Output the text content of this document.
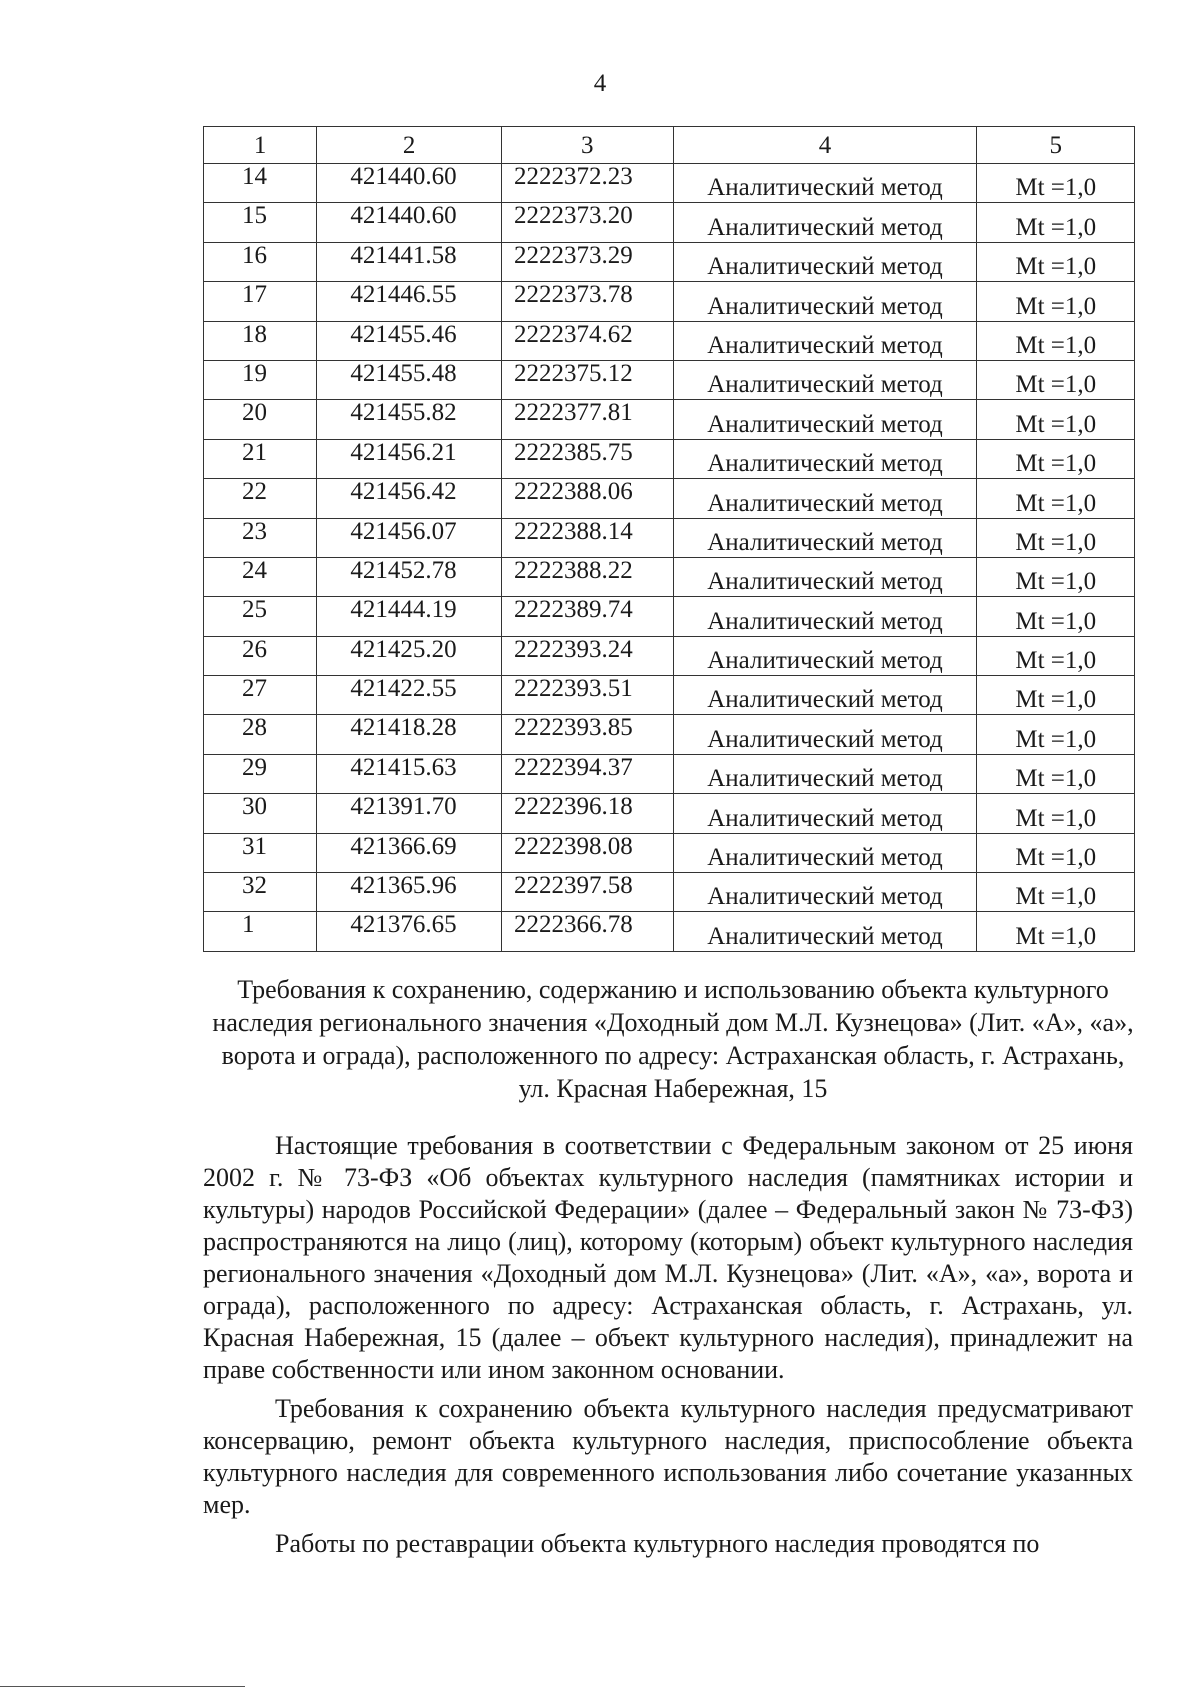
4
1	2	3	4	5
14	421440.60	2222372.23	Аналитический метод	Mt =1,0
15	421440.60	2222373.20	Аналитический метод	Mt =1,0
16	421441.58	2222373.29	Аналитический метод	Mt =1,0
17	421446.55	2222373.78	Аналитический метод	Mt =1,0
18	421455.46	2222374.62	Аналитический метод	Mt =1,0
19	421455.48	2222375.12	Аналитический метод	Mt =1,0
20	421455.82	2222377.81	Аналитический метод	Mt =1,0
21	421456.21	2222385.75	Аналитический метод	Mt =1,0
22	421456.42	2222388.06	Аналитический метод	Mt =1,0
23	421456.07	2222388.14	Аналитический метод	Mt =1,0
24	421452.78	2222388.22	Аналитический метод	Mt =1,0
25	421444.19	2222389.74	Аналитический метод	Mt =1,0
26	421425.20	2222393.24	Аналитический метод	Mt =1,0
27	421422.55	2222393.51	Аналитический метод	Mt =1,0
28	421418.28	2222393.85	Аналитический метод	Mt =1,0
29	421415.63	2222394.37	Аналитический метод	Mt =1,0
30	421391.70	2222396.18	Аналитический метод	Mt =1,0
31	421366.69	2222398.08	Аналитический метод	Mt =1,0
32	421365.96	2222397.58	Аналитический метод	Mt =1,0
1	421376.65	2222366.78	Аналитический метод	Mt =1,0
Требования к сохранению, содержанию и использованию объекта культурного наследия регионального значения «Доходный дом М.Л. Кузнецова» (Лит. «А», «а», ворота и ограда), расположенного по адресу: Астраханская область, г. Астрахань, ул. Красная Набережная, 15

Настоящие требования в соответствии с Федеральным законом от 25 июня 2002 г. № 73-ФЗ «Об объектах культурного наследия (памятниках истории и культуры) народов Российской Федерации» (далее – Федеральный закон № 73-ФЗ) распространяются на лицо (лиц), которому (которым) объект культурного наследия регионального значения «Доходный дом М.Л. Кузнецова» (Лит. «А», «а», ворота и ограда), расположенного по адресу: Астраханская область, г. Астрахань, ул. Красная Набережная, 15 (далее – объект культурного наследия), принадлежит на праве собственности или ином законном основании.

Требования к сохранению объекта культурного наследия предусматривают консервацию, ремонт объекта культурного наследия, приспособление объекта культурного наследия для современного использования либо сочетание указанных мер.

Работы по реставрации объекта культурного наследия проводятся по
